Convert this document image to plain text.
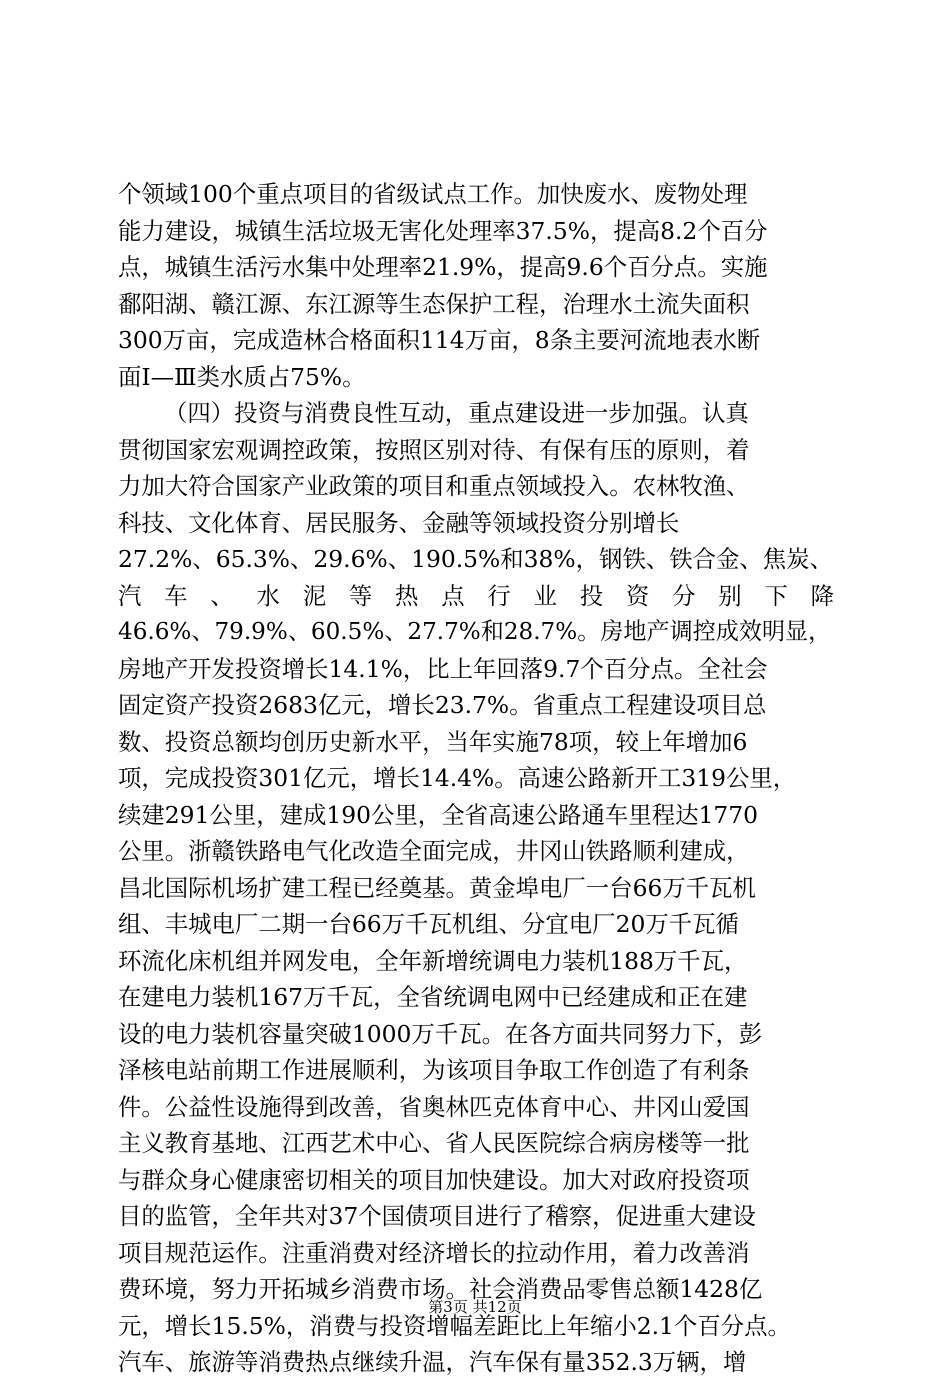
个领域100个重点项目的省级试点工作。加快废水、废物处理
能力建设，城镇生活垃圾无害化处理率37.5%，提高8.2个百分
点，城镇生活污水集中处理率21.9%，提高9.6个百分点。实施
鄱阳湖、赣江源、东江源等生态保护工程，治理水土流失面积
300万亩，完成造林合格面积114万亩，8条主要河流地表水断
面Ⅰ—Ⅲ类水质占75%。
（四）投资与消费良性互动，重点建设进一步加强。认真
贯彻国家宏观调控政策，按照区别对待、有保有压的原则，着
力加大符合国家产业政策的项目和重点领域投入。农林牧渔、
科技、文化体育、居民服务、金融等领域投资分别增长
27.2%、65.3%、29.6%、190.5%和38%，钢铁、铁合金、焦炭、
汽 车 、 水 泥 等 热 点 行 业 投 资 分 别 下 降
46.6%、79.9%、60.5%、27.7%和28.7%。房地产调控成效明显，
房地产开发投资增长14.1%，比上年回落9.7个百分点。全社会
固定资产投资2683亿元，增长23.7%。省重点工程建设项目总
数、投资总额均创历史新水平，当年实施78项，较上年增加6
项，完成投资301亿元，增长14.4%。高速公路新开工319公里，
续建291公里，建成190公里，全省高速公路通车里程达1770
公里。浙赣铁路电气化改造全面完成，井冈山铁路顺利建成，
昌北国际机场扩建工程已经奠基。黄金埠电厂一台66万千瓦机
组、丰城电厂二期一台66万千瓦机组、分宜电厂20万千瓦循
环流化床机组并网发电，全年新增统调电力装机188万千瓦，
在建电力装机167万千瓦，全省统调电网中已经建成和正在建
设的电力装机容量突破1000万千瓦。在各方面共同努力下，彭
泽核电站前期工作进展顺利，为该项目争取工作创造了有利条
件。公益性设施得到改善，省奥林匹克体育中心、井冈山爱国
主义教育基地、江西艺术中心、省人民医院综合病房楼等一批
与群众身心健康密切相关的项目加快建设。加大对政府投资项
目的监管，全年共对37个国债项目进行了稽察，促进重大建设
项目规范运作。注重消费对经济增长的拉动作用，着力改善消
费环境，努力开拓城乡消费市场。社会消费品零售总额1428亿
元，增长15.5%，消费与投资增幅差距比上年缩小2.1个百分点。
汽车、旅游等消费热点继续升温，汽车保有量352.3万辆，增
第3页 共12页
